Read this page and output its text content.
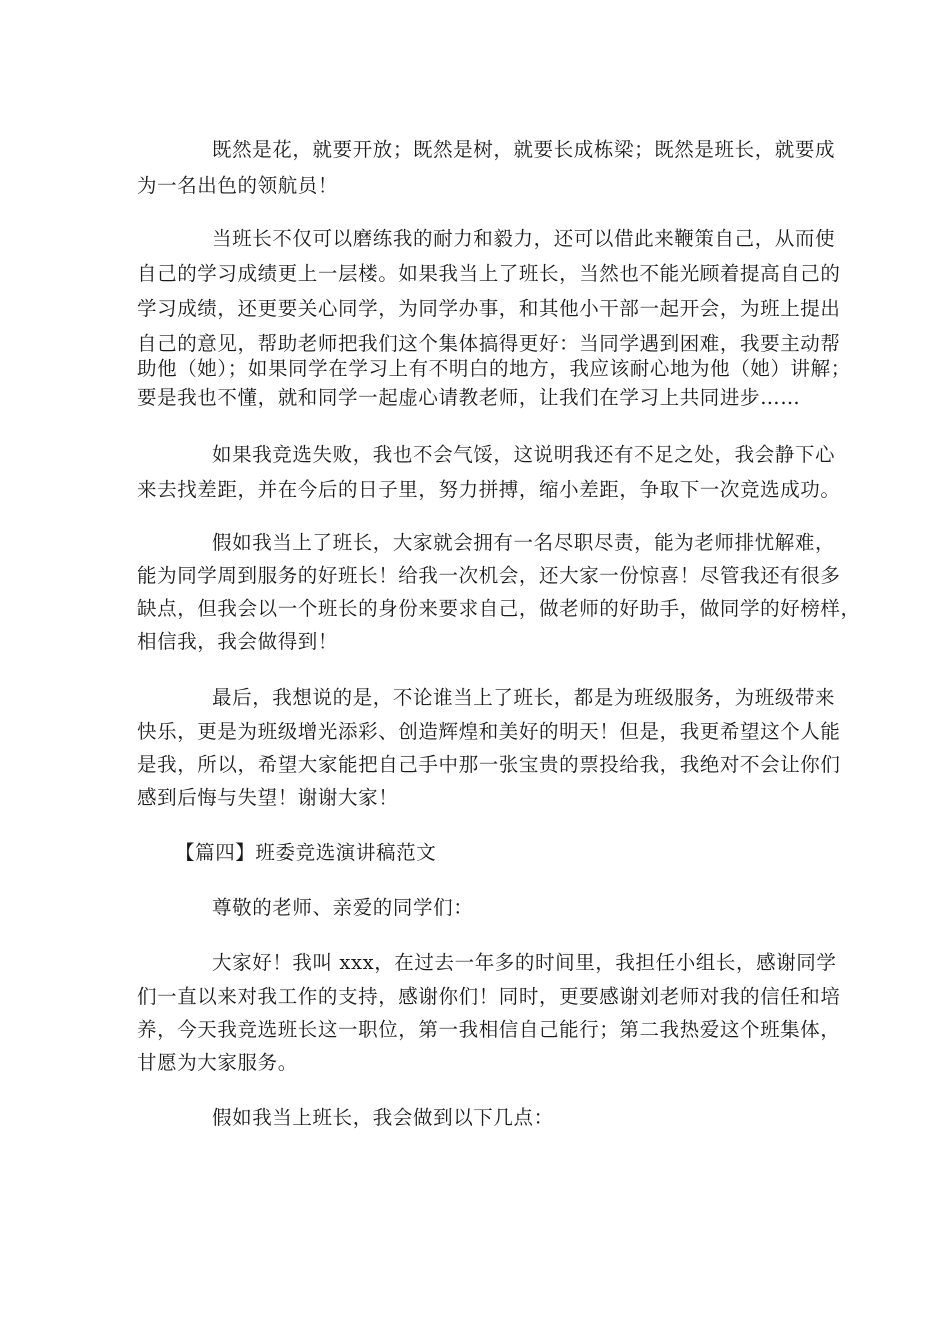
既然是花，就要开放；既然是树，就要长成栋梁；既然是班长，就要成
为一名出色的领航员！
当班长不仅可以磨练我的耐力和毅力，还可以借此来鞭策自己，从而使
自己的学习成绩更上一层楼。如果我当上了班长，当然也不能光顾着提高自己的
学习成绩，还更要关心同学，为同学办事，和其他小干部一起开会，为班上提出
自己的意见，帮助老师把我们这个集体搞得更好：当同学遇到困难，我要主动帮
助他（她）；如果同学在学习上有不明白的地方，我应该耐心地为他（她）讲解；
要是我也不懂，就和同学一起虚心请教老师，让我们在学习上共同进步……
如果我竞选失败，我也不会气馁，这说明我还有不足之处，我会静下心
来去找差距，并在今后的日子里，努力拼搏，缩小差距，争取下一次竞选成功。
假如我当上了班长，大家就会拥有一名尽职尽责，能为老师排忧解难，
能为同学周到服务的好班长！给我一次机会，还大家一份惊喜！尽管我还有很多
缺点，但我会以一个班长的身份来要求自己，做老师的好助手，做同学的好榜样，
相信我，我会做得到！
最后，我想说的是，不论谁当上了班长，都是为班级服务，为班级带来
快乐，更是为班级增光添彩、创造辉煌和美好的明天！但是，我更希望这个人能
是我，所以，希望大家能把自己手中那一张宝贵的票投给我，我绝对不会让你们
感到后悔与失望！谢谢大家！
【篇四】班委竞选演讲稿范文
尊敬的老师、亲爱的同学们：
大家好！我叫 xxx，在过去一年多的时间里，我担任小组长，感谢同学
们一直以来对我工作的支持，感谢你们！同时，更要感谢刘老师对我的信任和培
养，今天我竞选班长这一职位，第一我相信自己能行；第二我热爱这个班集体，
甘愿为大家服务。
假如我当上班长，我会做到以下几点：
